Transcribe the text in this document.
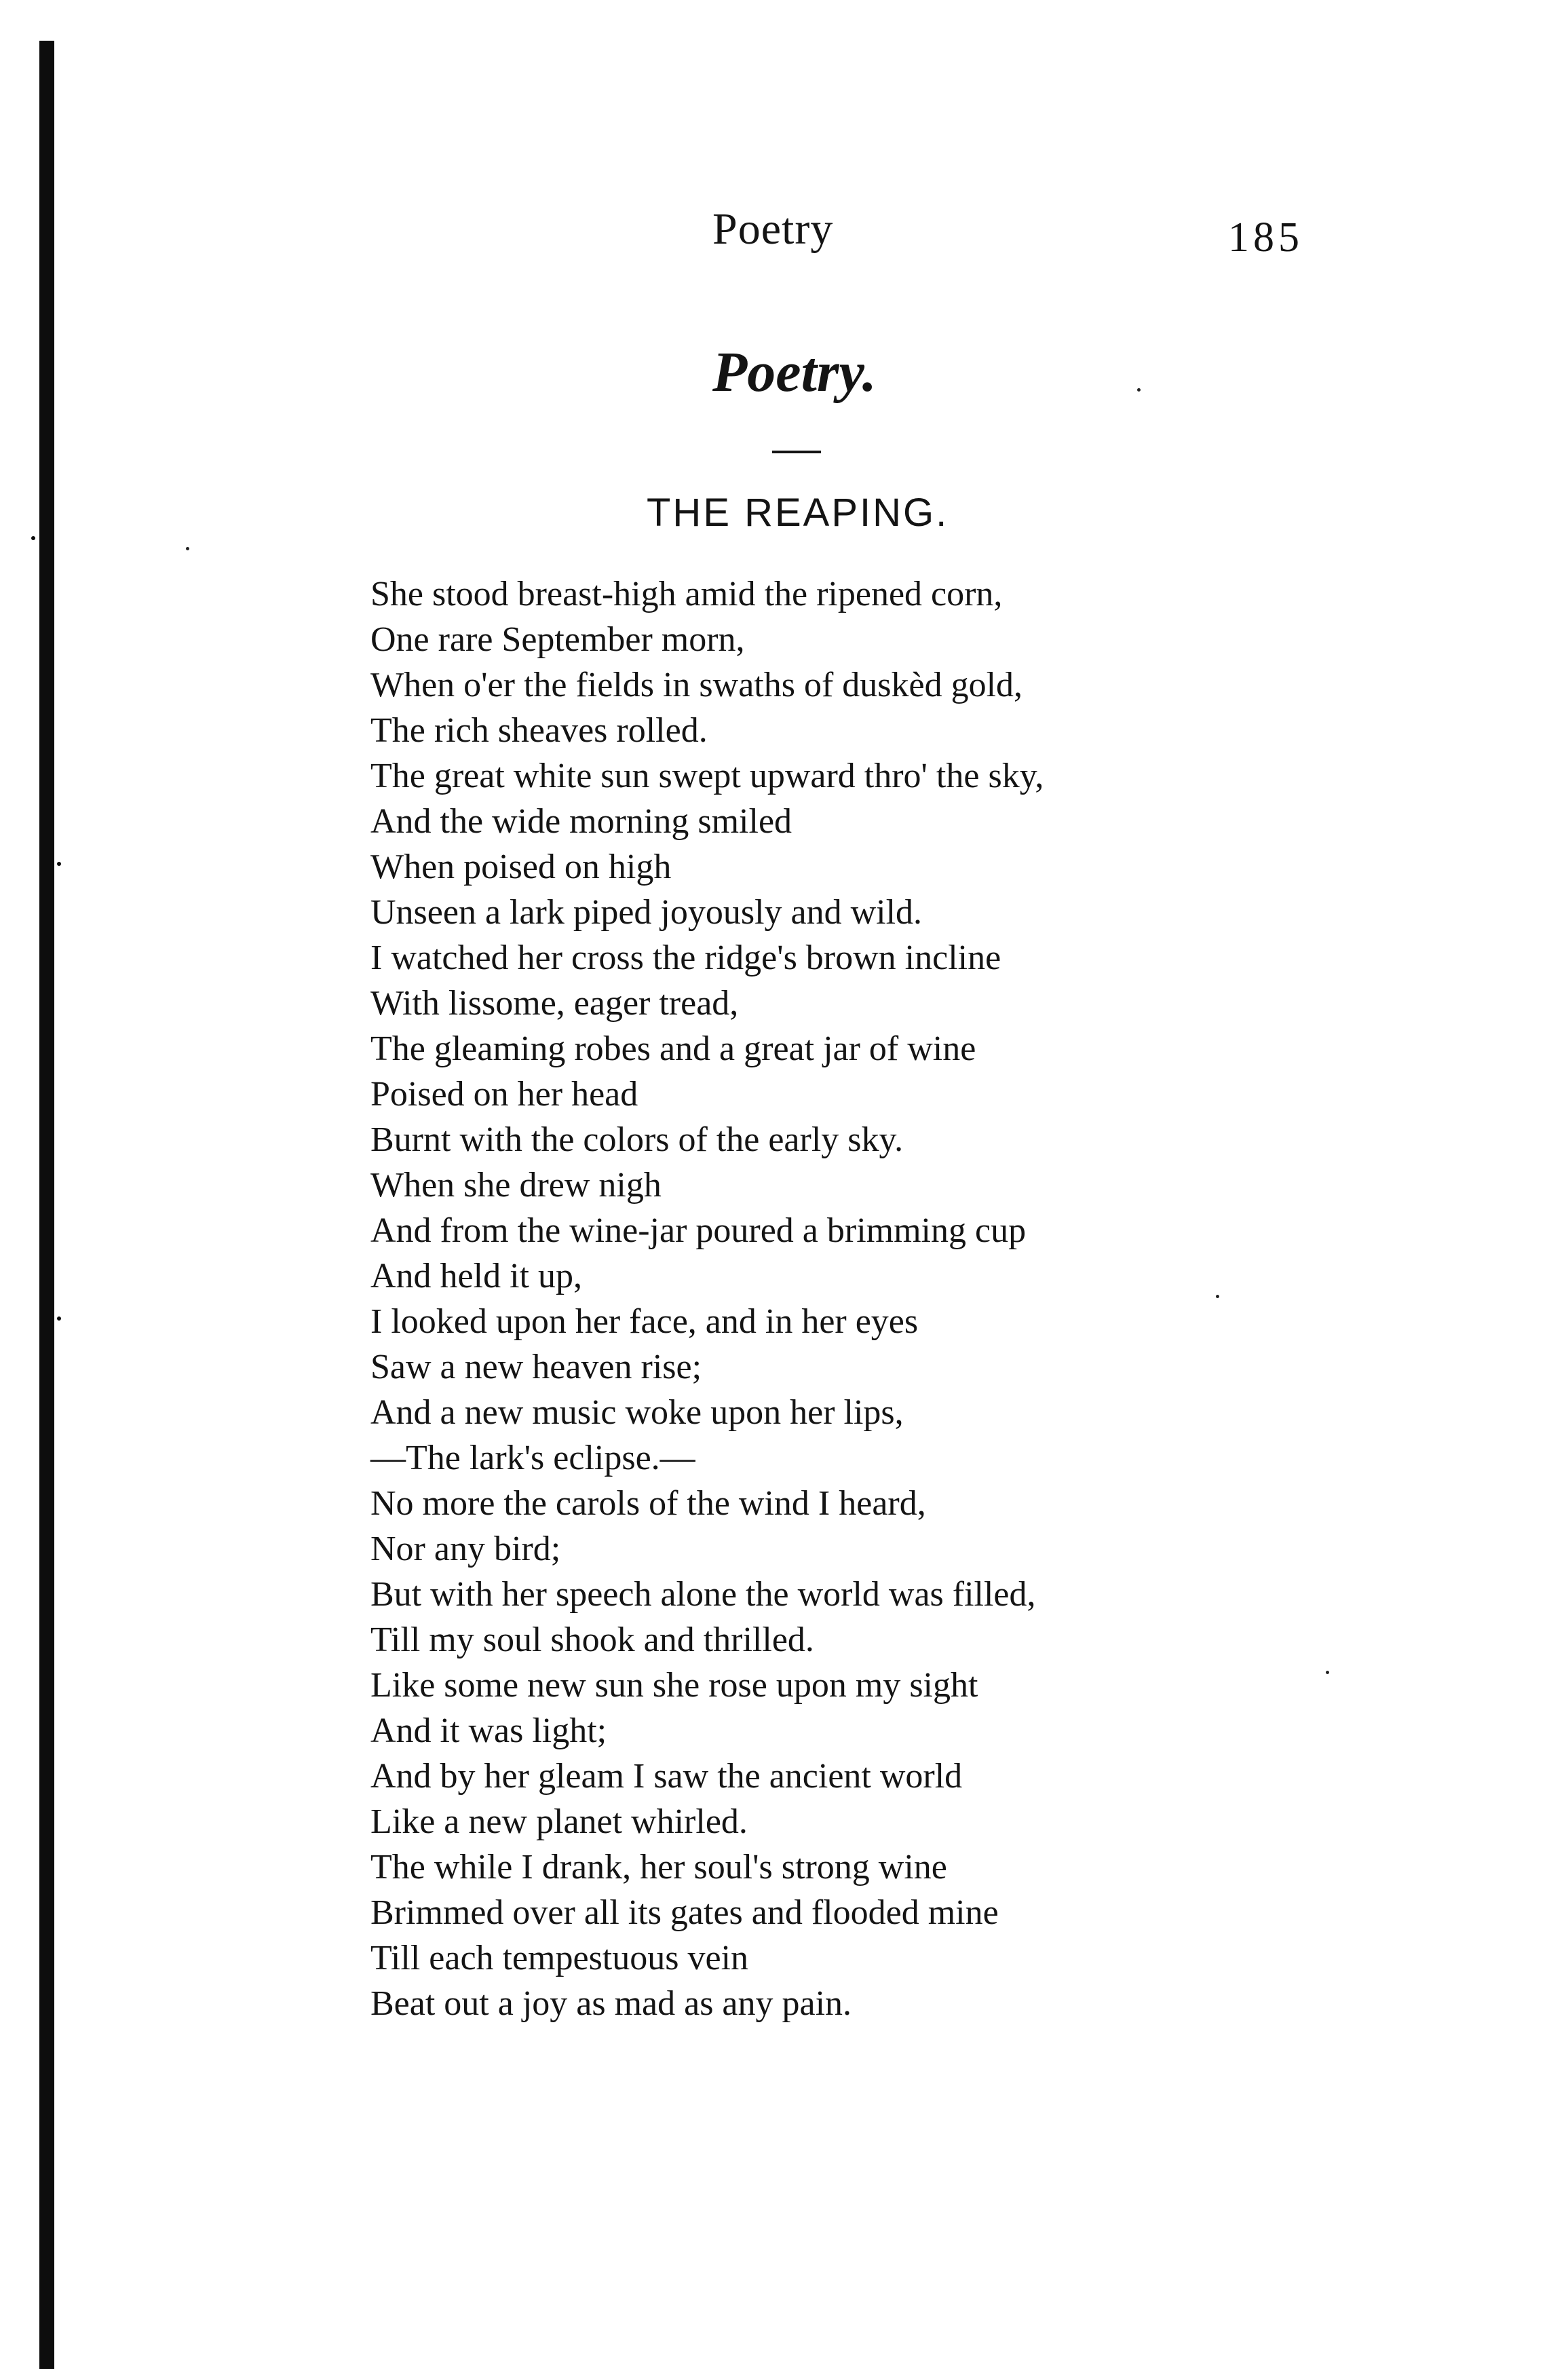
Poetry	185
Poetry.
THE REAPING.
She stood breast-high amid the ripened corn,
One rare September morn,
When o'er the fields in swaths of duskèd gold,
The rich sheaves rolled.
The great white sun swept upward thro' the sky,
And the wide morning smiled
When poised on high
Unseen a lark piped joyously and wild.
I watched her cross the ridge's brown incline
With lissome, eager tread,
The gleaming robes and a great jar of wine
Poised on her head
Burnt with the colors of the early sky.
When she drew nigh
And from the wine-jar poured a brimming cup
And held it up,
I looked upon her face, and in her eyes
Saw a new heaven rise;
And a new music woke upon her lips,
—The lark's eclipse.—
No more the carols of the wind I heard,
Nor any bird;
But with her speech alone the world was filled,
Till my soul shook and thrilled.
Like some new sun she rose upon my sight
And it was light;
And by her gleam I saw the ancient world
Like a new planet whirled.
The while I drank, her soul's strong wine
Brimmed over all its gates and flooded mine
Till each tempestuous vein
Beat out a joy as mad as any pain.
